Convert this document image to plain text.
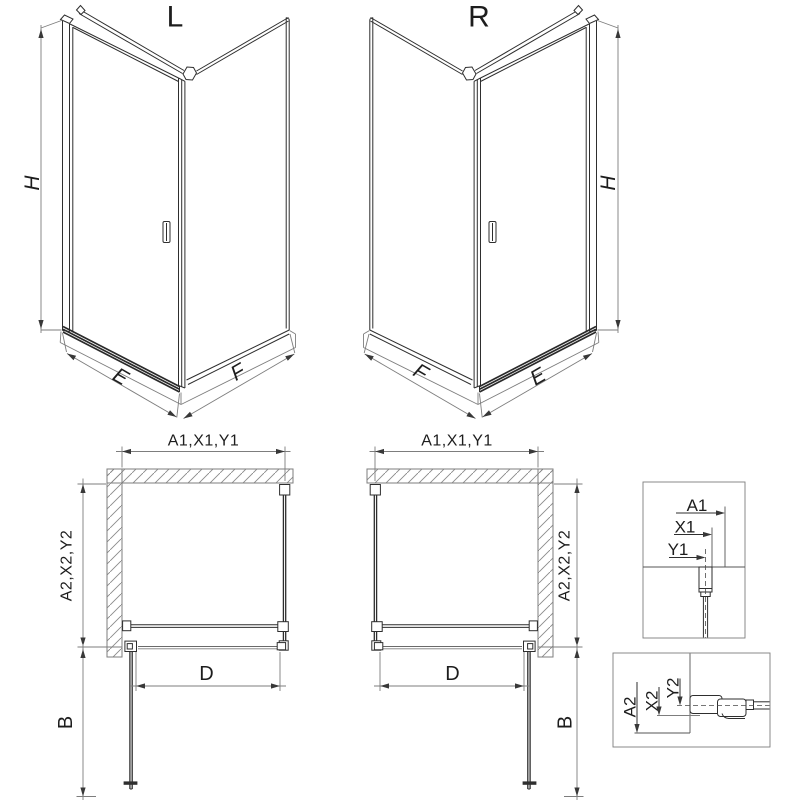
L
H
E	F
R
H
E
F
A1,X1,Y1
A2,X2,Y2
D
B
A1,X1,Y1
A2,X2,Y2
D
B
A1
X1
Y1
A2 X2
Y2
